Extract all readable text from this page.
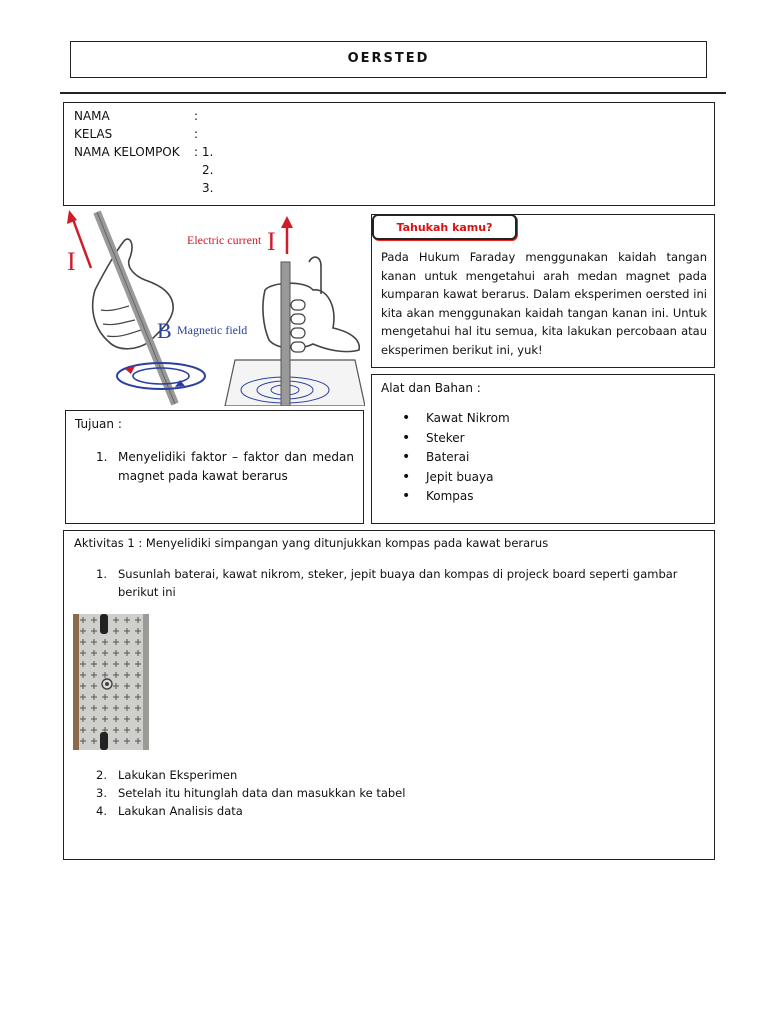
OERSTED
NAMA	:
KELAS	:
NAMA KELOMPOK : 1.
2.
3.
I
B Magnetic field
Electric current I	Tahukah kamu?
Pada Hukum Faraday menggunakan kaidah tangan kanan untuk mengetahui arah medan magnet pada kumparan kawat berarus. Dalam eksperimen oersted ini kita akan menggunakan kaidah tangan kanan ini. Untuk mengetahui hal itu semua, kita lakukan percobaan atau eksperimen berikut ini, yuk!
Alat dan Bahan :
• Kawat Nikrom
• Steker
• Baterai
• Jepit buaya
• Kompas
Tujuan :
1. Menyelidiki faktor – faktor dan medan magnet pada kawat berarus
Aktivitas 1 : Menyelidiki simpangan yang ditunjukkan kompas pada kawat berarus
1. Susunlah baterai, kawat nikrom, steker, jepit buaya dan kompas di projeck board seperti gambar berikut ini
2. Lakukan Eksperimen
3. Setelah itu hitunglah data dan masukkan ke tabel
4. Lakukan Analisis data
